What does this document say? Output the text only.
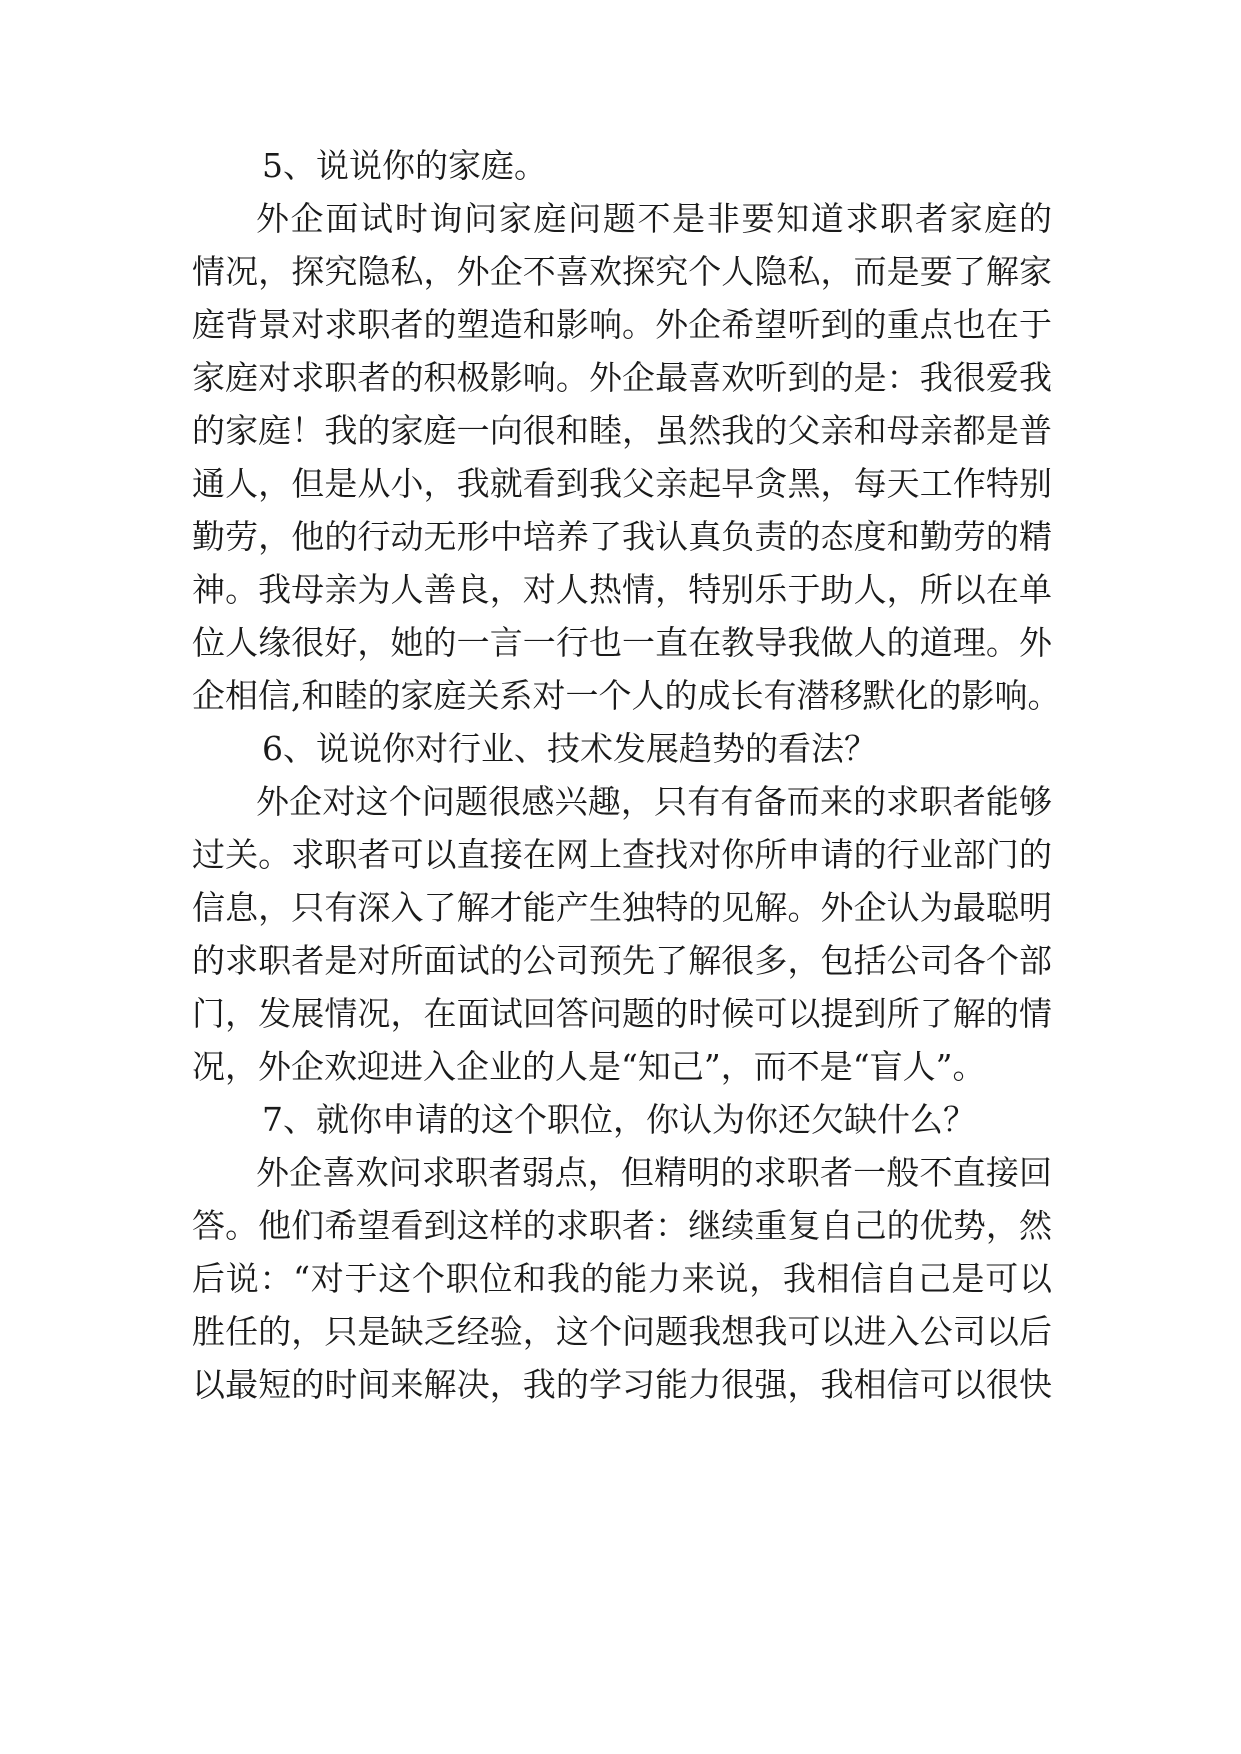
5、说说你的家庭。
外企面试时询问家庭问题不是非要知道求职者家庭的
情况，探究隐私，外企不喜欢探究个人隐私，而是要了解家
庭背景对求职者的塑造和影响。外企希望听到的重点也在于
家庭对求职者的积极影响。外企最喜欢听到的是：我很爱我
的家庭！我的家庭一向很和睦，虽然我的父亲和母亲都是普
通人，但是从小，我就看到我父亲起早贪黑，每天工作特别
勤劳，他的行动无形中培养了我认真负责的态度和勤劳的精
神。我母亲为人善良，对人热情，特别乐于助人，所以在单
位人缘很好，她的一言一行也一直在教导我做人的道理。外
企相信,和睦的家庭关系对一个人的成长有潜移默化的影响。
6、说说你对行业、技术发展趋势的看法？
外企对这个问题很感兴趣，只有有备而来的求职者能够
过关。求职者可以直接在网上查找对你所申请的行业部门的
信息，只有深入了解才能产生独特的见解。外企认为最聪明
的求职者是对所面试的公司预先了解很多，包括公司各个部
门，发展情况，在面试回答问题的时候可以提到所了解的情
况，外企欢迎进入企业的人是“知己”，而不是“盲人”。
7、就你申请的这个职位，你认为你还欠缺什么？
外企喜欢问求职者弱点，但精明的求职者一般不直接回
答。他们希望看到这样的求职者：继续重复自己的优势，然
后说：“对于这个职位和我的能力来说，我相信自己是可以
胜任的，只是缺乏经验，这个问题我想我可以进入公司以后
以最短的时间来解决，我的学习能力很强，我相信可以很快
